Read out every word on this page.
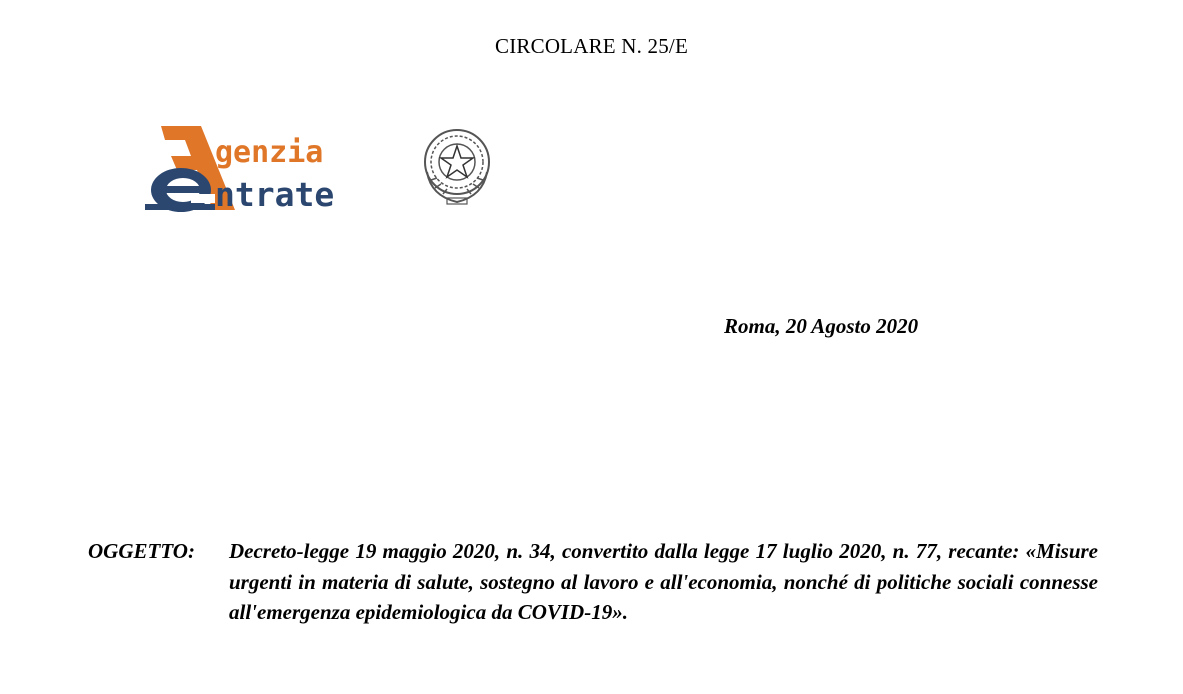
CIRCOLARE N. 25/E
genzia
ntrate
Roma, 20 Agosto 2020
OGGETTO: Decreto-legge 19 maggio 2020, n. 34, convertito dalla legge 17 luglio 2020, n. 77, recante: «Misure urgenti in materia di salute, sostegno al lavoro e all'economia, nonché di politiche sociali connesse all'emergenza epidemiologica da COVID-19».
